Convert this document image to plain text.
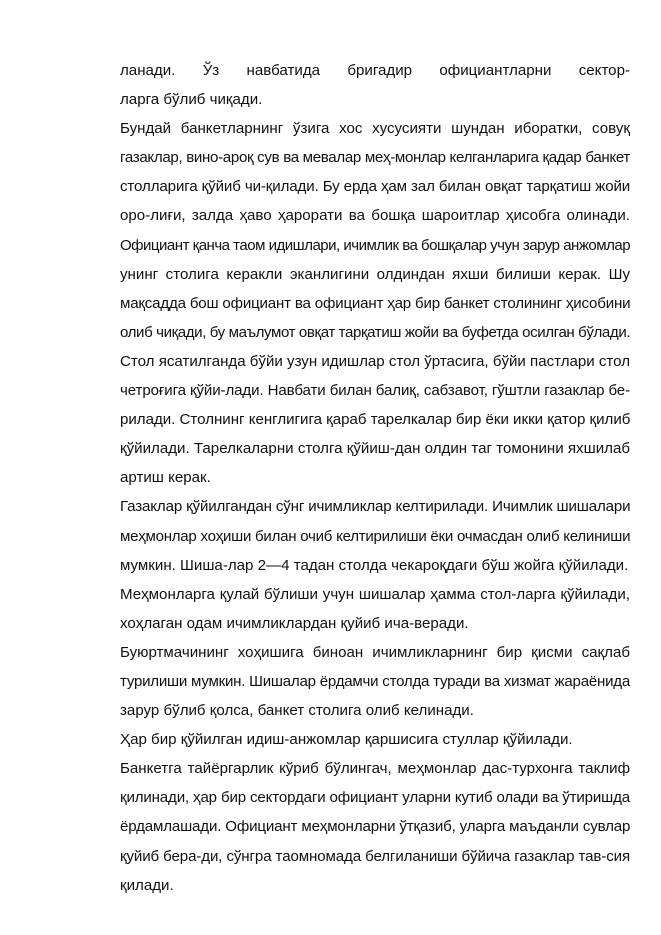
ланади. Ўз навбатида бригадир официантларни сектор-
ларга бўлиб чиқади.

Бундай банкетларнинг ўзига хос хусусияти шундан иборатки, совуқ
газаклар, вино-ароқ сув ва мевалар меҳ-монлар келганларига қадар банкет
столларига қўйиб чи-қилади. Бу ерда ҳам зал билан овқат тарқатиш жойи
оро-лиғи, залда ҳаво ҳарорати ва бошқа шароитлар ҳисобга олинади.
Официант қанча таом идишлари, ичимлик ва бошқалар учун зарур анжомлар
унинг столига керакли эканлигини олдиндан яхши билиши керак. Шу
мақсадда бош официант ва официант ҳар бир банкет столининг ҳисобини
олиб чиқади, бу маълумот овқат тарқатиш жойи ва буфетда осилган бўлади.
Стол ясатилганда бўйи узун идишлар стол ўртасига, бўйи пастлари стол
четроғига қўйи-лади. Навбати билан балиқ, сабзавот, гўштли газаклар бе-
рилади. Столнинг кенглигига қараб тарелкалар бир ёки икки қатор қилиб
қўйилади. Тарелкаларни столга қўйиш-дан олдин таг томонини яхшилаб
артиш керак.

Газаклар қўйилгандан сўнг ичимликлар келтирилади. Ичимлик шишалари
меҳмонлар хоҳиши билан очиб келтирилиши ёки очмасдан олиб келиниши
мумкин. Шиша-лар 2—4 тадан столда чекароқдаги бўш жойга қўйилади.

Меҳмонларга қулай бўлиши учун шишалар ҳамма стол-ларга қўйилади,
хоҳлаган одам ичимликлардан қуйиб ича-веради.

Буюртмачининг хоҳишига биноан ичимликларнинг бир қисми сақлаб
турилиши мумкин. Шишалар ёрдамчи столда туради ва хизмат жараёнида
зарур бўлиб қолса, банкет столига олиб келинади.

Ҳар бир қўйилган идиш-анжомлар қаршисига стуллар қўйилади.

Банкетга тайёргарлик кўриб бўлингач, меҳмонлар дас-турхонга таклиф
қилинади, ҳар бир сектордаги официант уларни кутиб олади ва ўтиришда
ёрдамлашади. Официант меҳмонларни ўтқазиб, уларга маъданли сувлар
қуйиб бера-ди, сўнгра таомномада белгиланиши бўйича газаклар тав-сия
қилади.
